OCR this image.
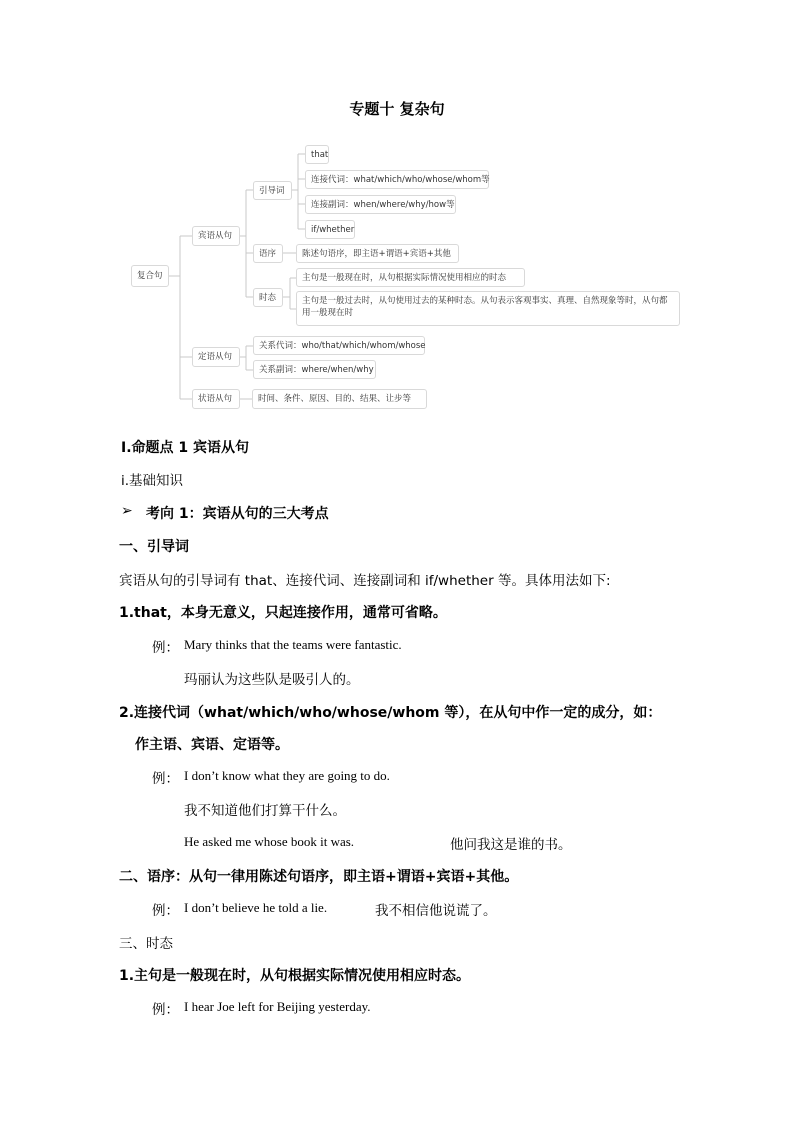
专题十 复杂句
复合句
宾语从句
引导词
that
连接代词：what/which/who/whose/whom等
连接副词：when/where/why/how等
if/whether
语序	陈述句语序，即主语+谓语+宾语+其他
时态
主句是一般现在时，从句根据实际情况使用相应的时态
主句是一般过去时，从句使用过去的某种时态。从句表示客观事实、真理、自然现象等时，从句都用一般现在时
定语从句
关系代词：who/that/which/whom/whose
关系副词：where/when/why
状语从句	时间、条件、原因、目的、结果、让步等
Ⅰ.命题点 1 宾语从句
ⅰ.基础知识
➢ 考向 1：宾语从句的三大考点
一、引导词
宾语从句的引导词有 that、连接代词、连接副词和 if/whether 等。具体用法如下:
1.that，本身无意义，只起连接作用，通常可省略。
例： Mary thinks that the teams were fantastic.
玛丽认为这些队是吸引人的。
2.连接代词（what/which/who/whose/whom 等），在从句中作一定的成分，如：
作主语、宾语、定语等。
例： I don’t know what they are going to do.
我不知道他们打算干什么。
He asked me whose book it was.	他问我这是谁的书。
二、语序：从句一律用陈述句语序，即主语+谓语+宾语+其他。
例： I don’t believe he told a lie.	我不相信他说谎了。
三、时态
1.主句是一般现在时，从句根据实际情况使用相应时态。
例： I hear Joe left for Beijing yesterday.
